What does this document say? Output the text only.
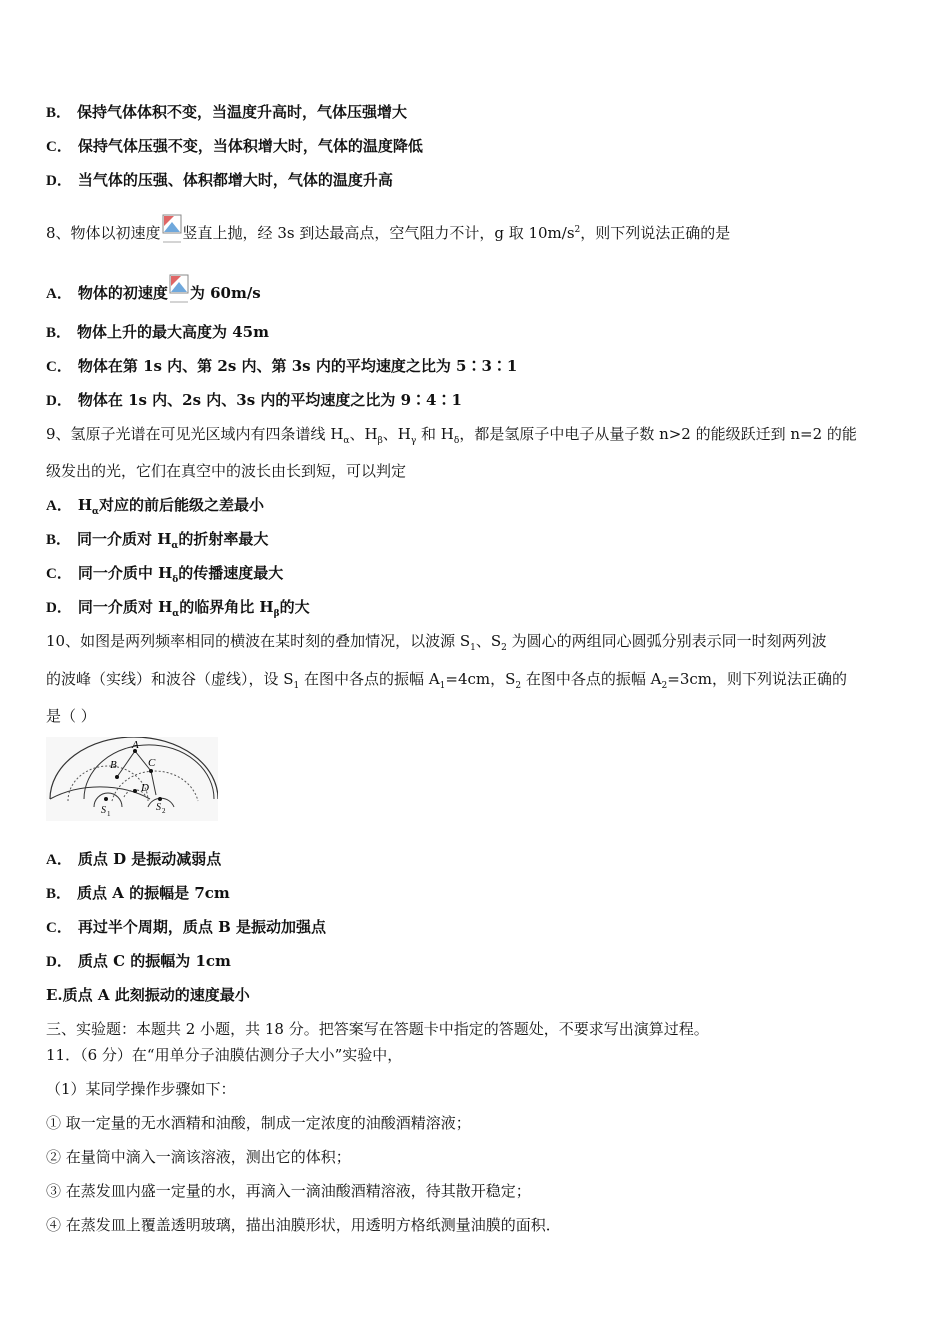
B． 保持气体体积不变，当温度升高时，气体压强增大
C． 保持气体压强不变，当体积增大时，气体的温度降低
D． 当气体的压强、体积都增大时，气体的温度升高
8、物体以初速度 竖直上抛，经 3s 到达最高点，空气阻力不计，g 取 $10m/s^2$，则下列说法正确的是
A． 物体的初速度 为 60m/s
B． 物体上升的最大高度为 45m
C． 物体在第 1s 内、第 2s 内、第 3s 内的平均速度之比为 5∶3∶1
D． 物体在 1s 内、2s 内、3s 内的平均速度之比为 9∶4∶1
9、氢原子光谱在可见光区域内有四条谱线 $H_\alpha$、$H_\beta$、$H_\gamma$ 和 $H_\delta$，都是氢原子中电子从量子数 n>2 的能级跃迁到 n=2 的能
级发出的光，它们在真空中的波长由长到短，可以判定
A． $H_\alpha$对应的前后能级之差最小
B． 同一介质对 $H_\alpha$的折射率最大
C． 同一介质中 $H_\delta$的传播速度最大
D． 同一介质对 $H_\alpha$的临界角比 $H_\beta$的大
10、如图是两列频率相同的横波在某时刻的叠加情况，以波源 $S_1$、$S_2$ 为圆心的两组同心圆弧分别表示同一时刻两列波
的波峰（实线）和波谷（虚线），设 $S_1$ 在图中各点的振幅 $A_1=4cm$，$S_2$ 在图中各点的振幅 $A_2=3cm$，则下列说法正确的
是（ ）
A
B	C
D
S 1
S 2
A． 质点 D 是振动减弱点
B． 质点 A 的振幅是 7cm
C． 再过半个周期，质点 B 是振动加强点
D． 质点 C 的振幅为 1cm
E.质点 A 此刻振动的速度最小
三、实验题：本题共 2 小题，共 18 分。把答案写在答题卡中指定的答题处，不要求写出演算过程。
11．（6 分）在“用单分子油膜估测分子大小”实验中，
（1）某同学操作步骤如下：
① 取一定量的无水酒精和油酸，制成一定浓度的油酸酒精溶液；
② 在量筒中滴入一滴该溶液，测出它的体积；
③ 在蒸发皿内盛一定量的水，再滴入一滴油酸酒精溶液，待其散开稳定；
④ 在蒸发皿上覆盖透明玻璃，描出油膜形状，用透明方格纸测量油膜的面积．
